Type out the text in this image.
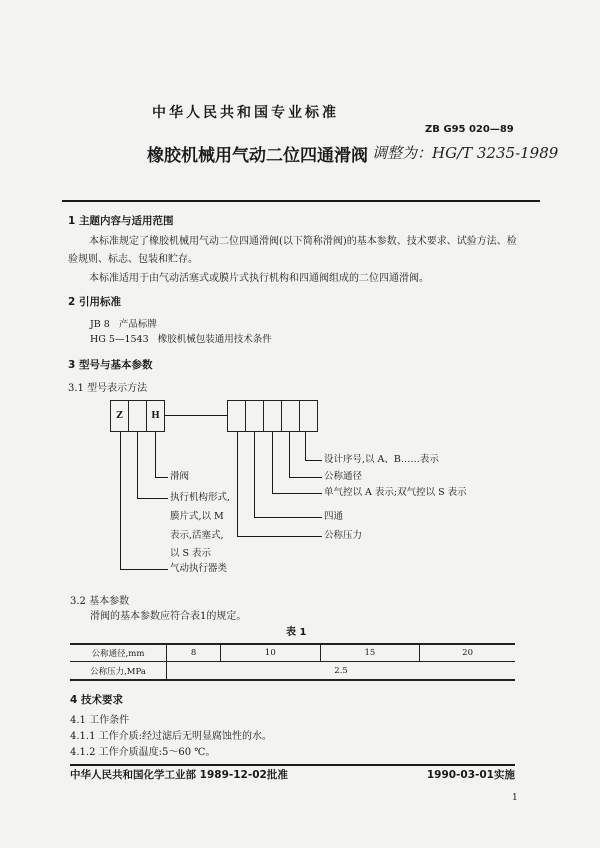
中华人民共和国专业标准
ZB G95 020—89
橡胶机械用气动二位四通滑阀 调整为：HG/T 3235-1989
1 主题内容与适用范围
本标准规定了橡胶机械用气动二位四通滑阀(以下简称滑阀)的基本参数、技术要求、试验方法、检
验规则、标志、包装和贮存。
本标准适用于由气动活塞式或膜片式执行机构和四通阀组成的二位四通滑阀。
2 引用标准
JB 8 产品标牌
HG 5—1543 橡胶机械包装通用技术条件
3 型号与基本参数
3.1 型号表示方法
Z	H
设计序号,以 A、B……表示
公称通径
单气控以 A 表示;双气控以 S 表示
四通
公称压力
滑阀
执行机构形式,
膜片式,以 M
表示,活塞式,
以 S 表示
气动执行器类
3.2 基本参数
滑阀的基本参数应符合表1的规定。
表 1
公称通径,mm	8	10	15	20
公称压力,MPa	2.5			
4 技术要求
4.1 工作条件
4.1.1 工作介质:经过滤后无明显腐蚀性的水。
4.1.2 工作介质温度:5～60 ℃。
中华人民共和国化学工业部 1989-12-02批准	1990-03-01实施
1
